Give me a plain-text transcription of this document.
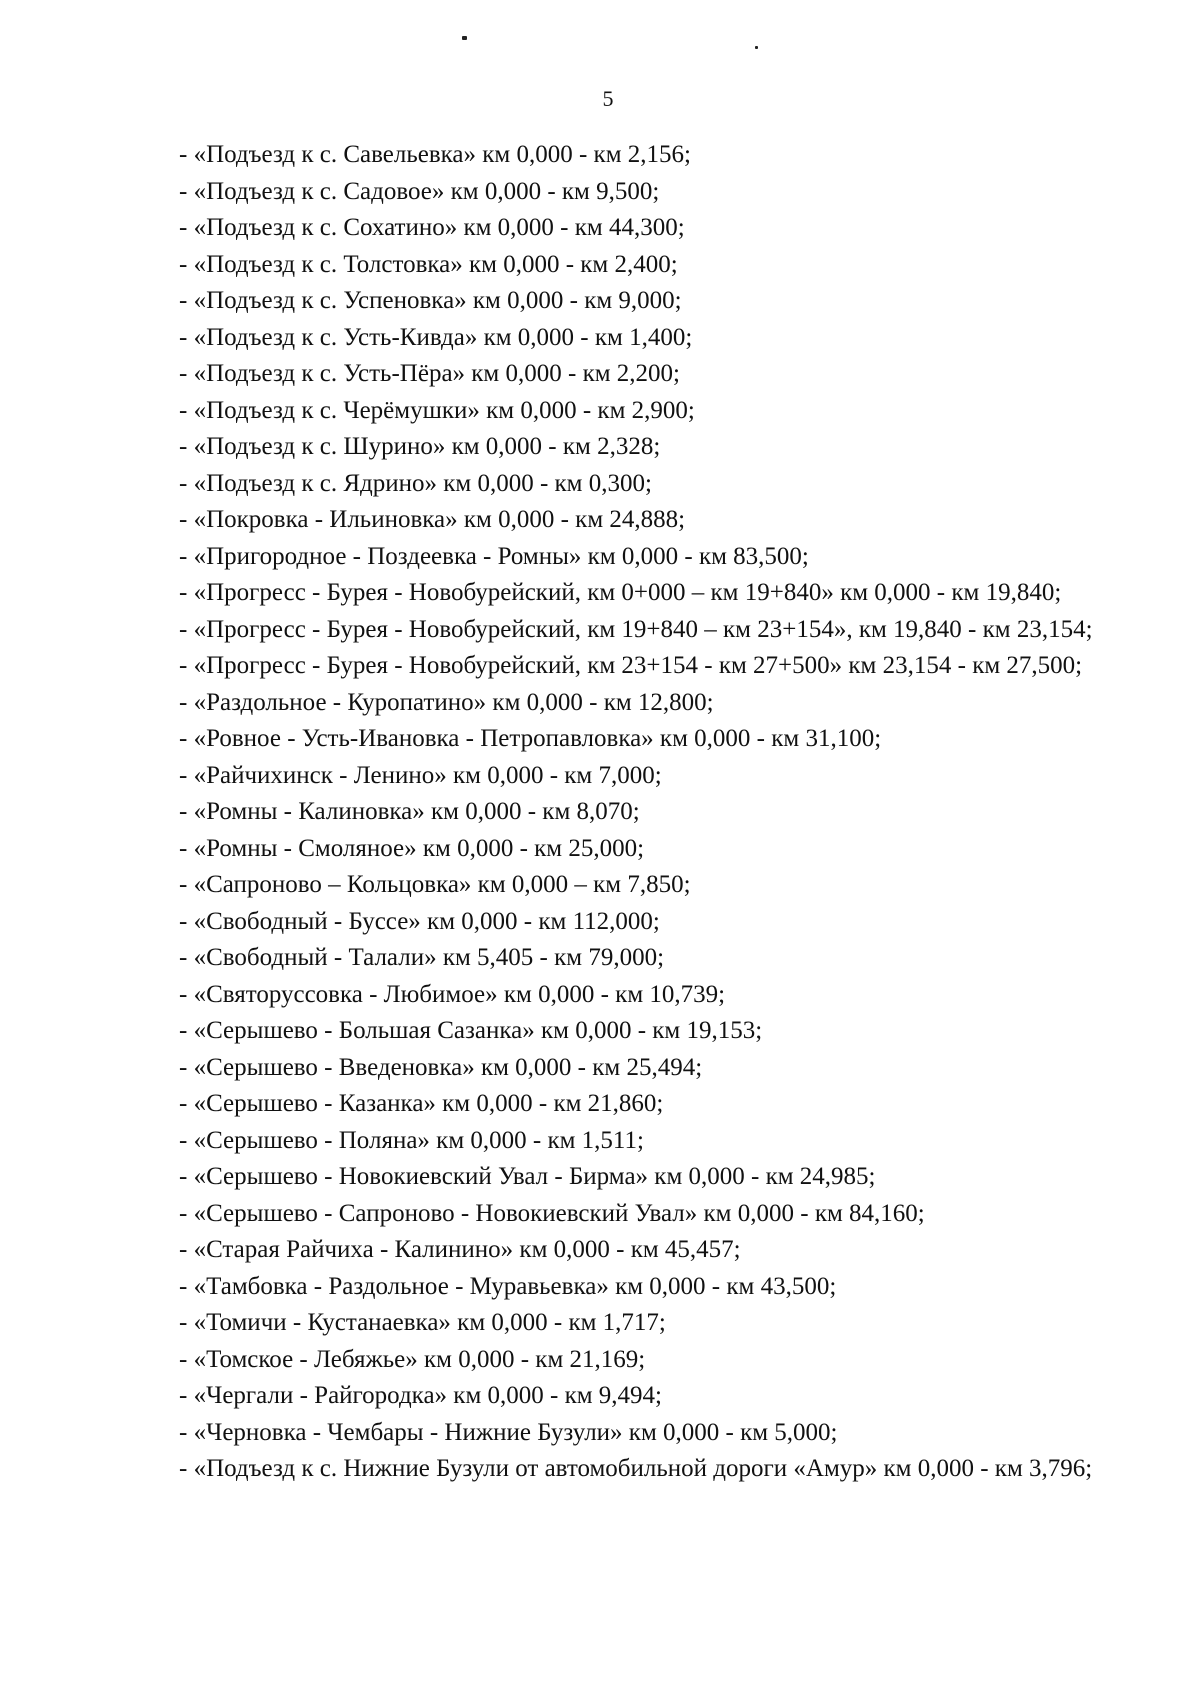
5

- «Подъезд к с. Савельевка» км 0,000 - км 2,156;

- «Подъезд к с. Садовое» км 0,000 - км 9,500;

- «Подъезд к с. Сохатино» км 0,000 - км 44,300;

- «Подъезд к с. Толстовка» км 0,000 - км 2,400;

- «Подъезд к с. Успеновка» км 0,000 - км 9,000;

- «Подъезд к с. Усть-Кивда» км 0,000 - км 1,400;

- «Подъезд к с. Усть-Пёра» км 0,000 - км 2,200;

- «Подъезд к с. Черёмушки» км 0,000 - км 2,900;

- «Подъезд к с. Шурино» км 0,000 - км 2,328;

- «Подъезд к с. Ядрино» км 0,000 - км 0,300;

- «Покровка - Ильиновка» км 0,000 - км 24,888;

- «Пригородное - Поздеевка - Ромны» км 0,000 - км 83,500;

- «Прогресс - Бурея - Новобурейский, км 0+000 – км 19+840» км 0,000 - км 19,840;

- «Прогресс - Бурея - Новобурейский, км 19+840 – км 23+154», км 19,840 - км 23,154;

- «Прогресс - Бурея - Новобурейский, км 23+154 - км 27+500» км 23,154 - км 27,500;

- «Раздольное - Куропатино» км 0,000 - км 12,800;

- «Ровное - Усть-Ивановка - Петропавловка» км 0,000 - км 31,100;

- «Райчихинск - Ленино» км 0,000 - км 7,000;

- «Ромны - Калиновка» км 0,000 - км 8,070;

- «Ромны - Смоляное» км 0,000 - км 25,000;

- «Сапроново – Кольцовка» км 0,000 – км 7,850;

- «Свободный - Буссе» км 0,000 - км 112,000;

- «Свободный - Талали» км 5,405 - км 79,000;

- «Святоруссовка - Любимое» км 0,000 - км 10,739;

- «Серышево - Большая Сазанка» км 0,000 - км 19,153;

- «Серышево - Введеновка» км 0,000 - км 25,494;

- «Серышево - Казанка» км 0,000 - км 21,860;

- «Серышево - Поляна» км 0,000 - км 1,511;

- «Серышево - Новокиевский Увал - Бирма» км 0,000 - км 24,985;

- «Серышево - Сапроново - Новокиевский Увал» км 0,000 - км 84,160;

- «Старая Райчиха - Калинино» км 0,000 - км 45,457;

- «Тамбовка - Раздольное - Муравьевка» км 0,000 - км 43,500;

- «Томичи - Кустанаевка» км 0,000 - км 1,717;

- «Томское - Лебяжье» км 0,000 - км 21,169;

- «Чергали - Райгородка» км 0,000 - км 9,494;

- «Черновка - Чембары - Нижние Бузули» км 0,000 - км 5,000;

- «Подъезд к с. Нижние Бузули от автомобильной дороги «Амур» км 0,000 - км 3,796;
